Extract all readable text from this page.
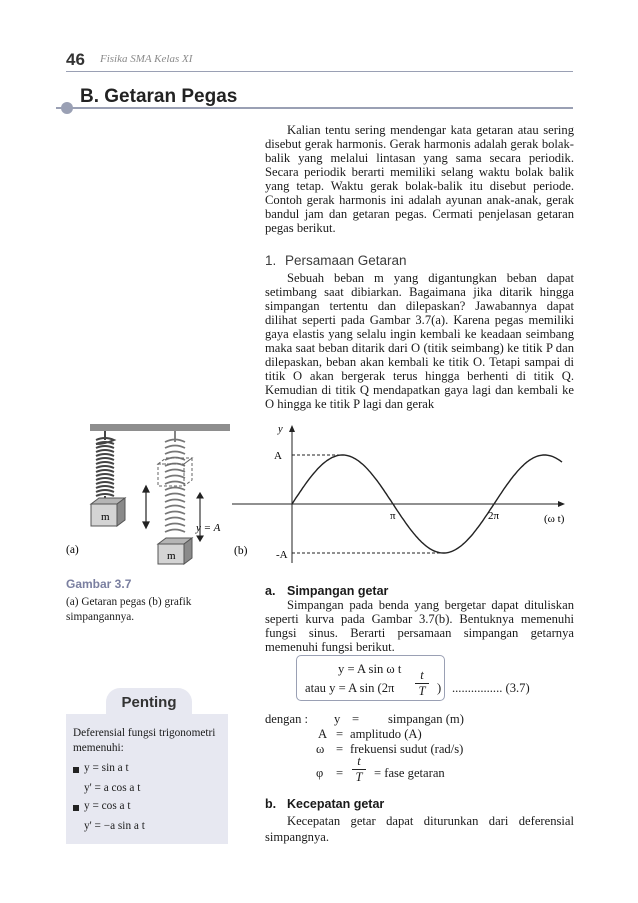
46 Fisika SMA Kelas XI
B. Getaran Pegas
Kalian tentu sering mendengar kata getaran atau sering disebut gerak harmonis. Gerak harmonis adalah gerak bolak-balik yang melalui lintasan yang sama secara periodik. Secara periodik berarti memiliki selang waktu bolak balik yang tetap. Waktu gerak bolak-balik itu disebut periode. Contoh gerak harmonis ini adalah ayunan anak-anak, gerak bandul jam dan getaran pegas. Cermati penjelasan getaran pegas berikut.
1. Persamaan Getaran
Sebuah beban m yang digantungkan beban dapat setimbang saat dibiarkan. Bagaimana jika ditarik hingga simpangan tertentu dan dilepaskan? Jawabannya dapat dilihat seperti pada Gambar 3.7(a). Karena pegas memiliki gaya elastis yang selalu ingin kembali ke keadaan seimbang maka saat beban ditarik dari O (titik seimbang) ke titik P dan dilepaskan, beban akan kembali ke titik O. Tetapi sampai di titik O akan bergerak terus hingga berhenti di titik Q. Kemudian di titik Q mendapatkan gaya lagi dan kembali ke O hingga ke titik P lagi dan gerak
m
m
y = A
(a)
y
A
-A
π	2π	(ω t)
(b)
Gambar 3.7
(a) Getaran pegas (b) grafik simpangannya.
Penting
Deferensial fungsi trigonometri memenuhi:
y = sin a t
y' = a cos a t
y = cos a t
y' = −a sin a t
a. Simpangan getar
Simpangan pada benda yang bergetar dapat dituliskan seperti kurva pada Gambar 3.7(b). Bentuknya memenuhi fungsi sinus. Berarti persamaan simpangan getarnya memenuhi fungsi berikut.
y = A sin ω t
atau y = A sin (2π
t
T ) ................ (3.7)
dengan : y = simpangan (m)
A = amplitudo (A)
ω = frekuensi sudut (rad/s)
φ =
t
T = fase getaran
b. Kecepatan getar
Kecepatan getar dapat diturunkan dari deferensial simpangnya.
